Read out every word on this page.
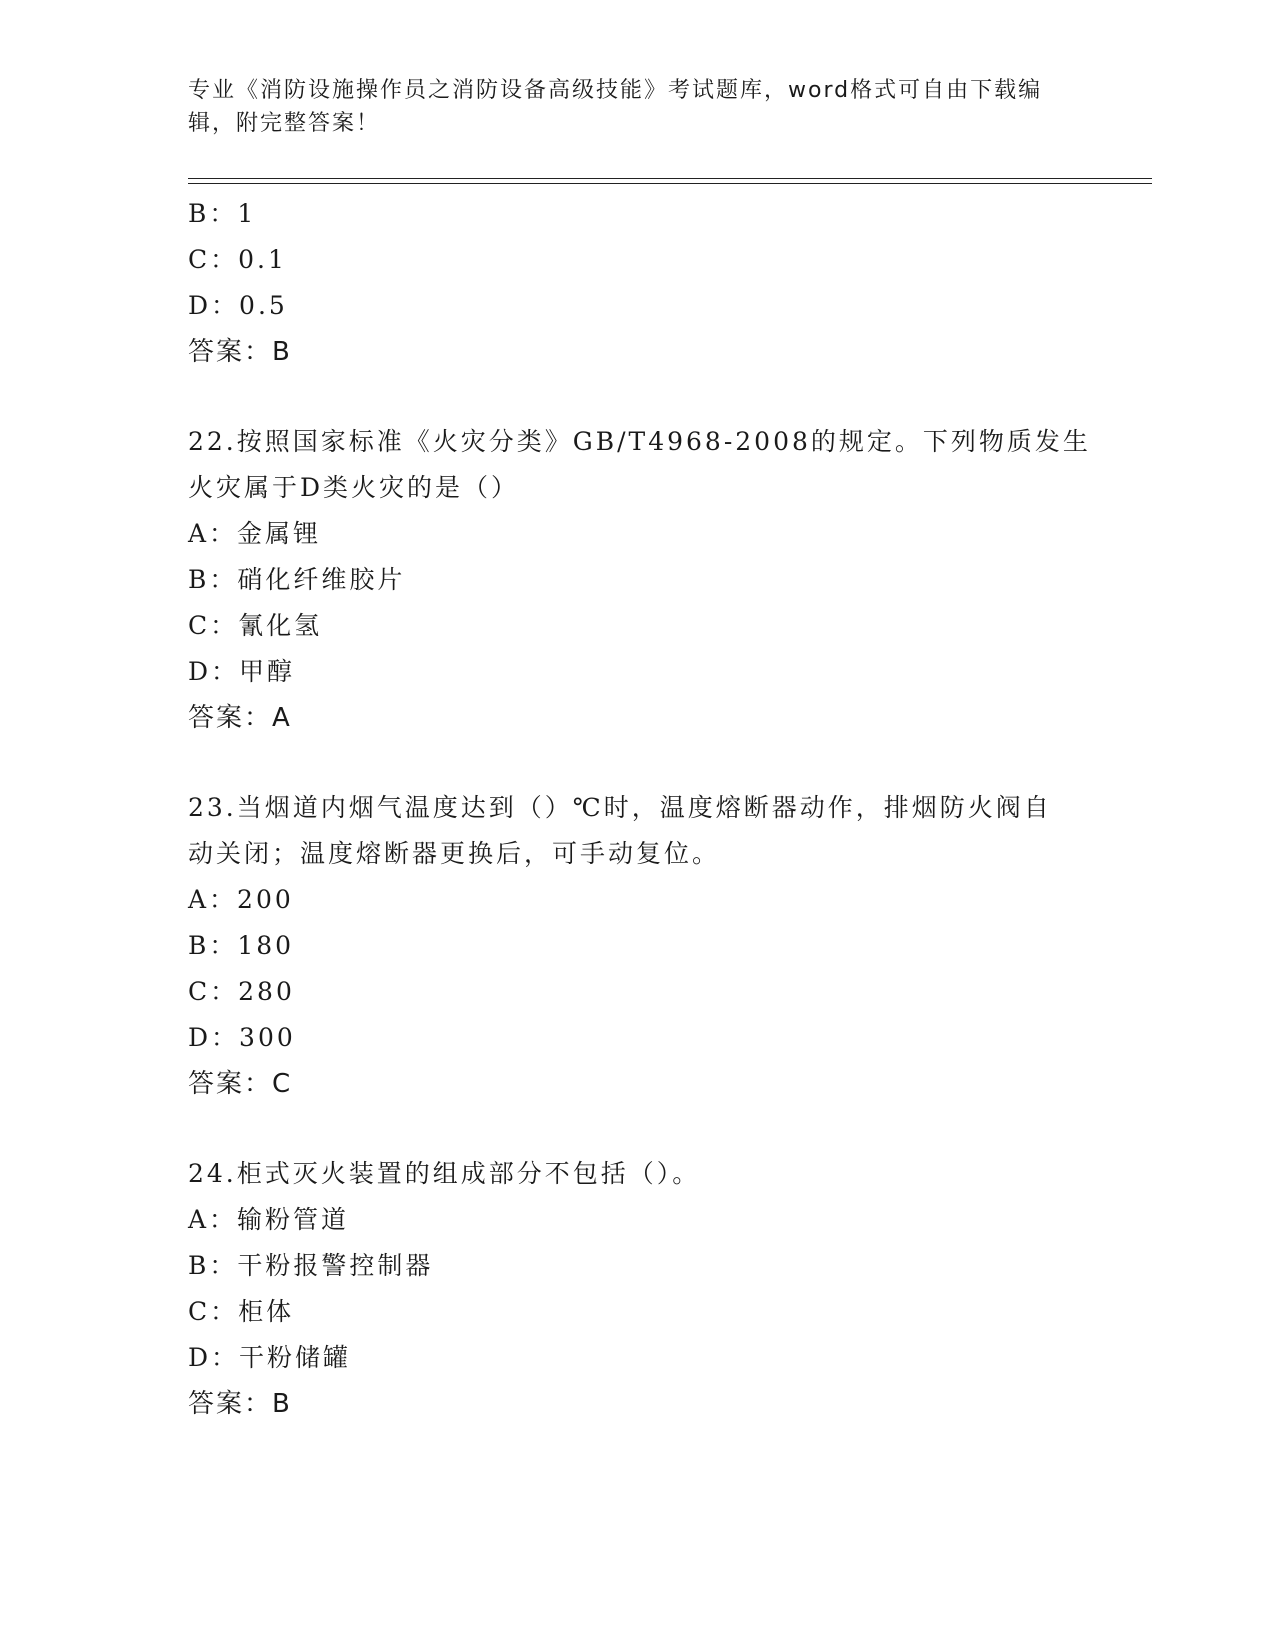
专业《消防设施操作员之消防设备高级技能》考试题库，word格式可自由下载编
辑，附完整答案！
B：1
C：0.1
D：0.5
答案：B
22.按照国家标准《火灾分类》GB/T4968-2008的规定。下列物质发生
火灾属于D类火灾的是（）
A：金属锂
B：硝化纤维胶片
C：氰化氢
D：甲醇
答案：A
23.当烟道内烟气温度达到（）℃时，温度熔断器动作，排烟防火阀自
动关闭；温度熔断器更换后，可手动复位。
A：200
B：180
C：280
D：300
答案：C
24.柜式灭火装置的组成部分不包括（）。
A：输粉管道
B：干粉报警控制器
C：柜体
D：干粉储罐
答案：B
